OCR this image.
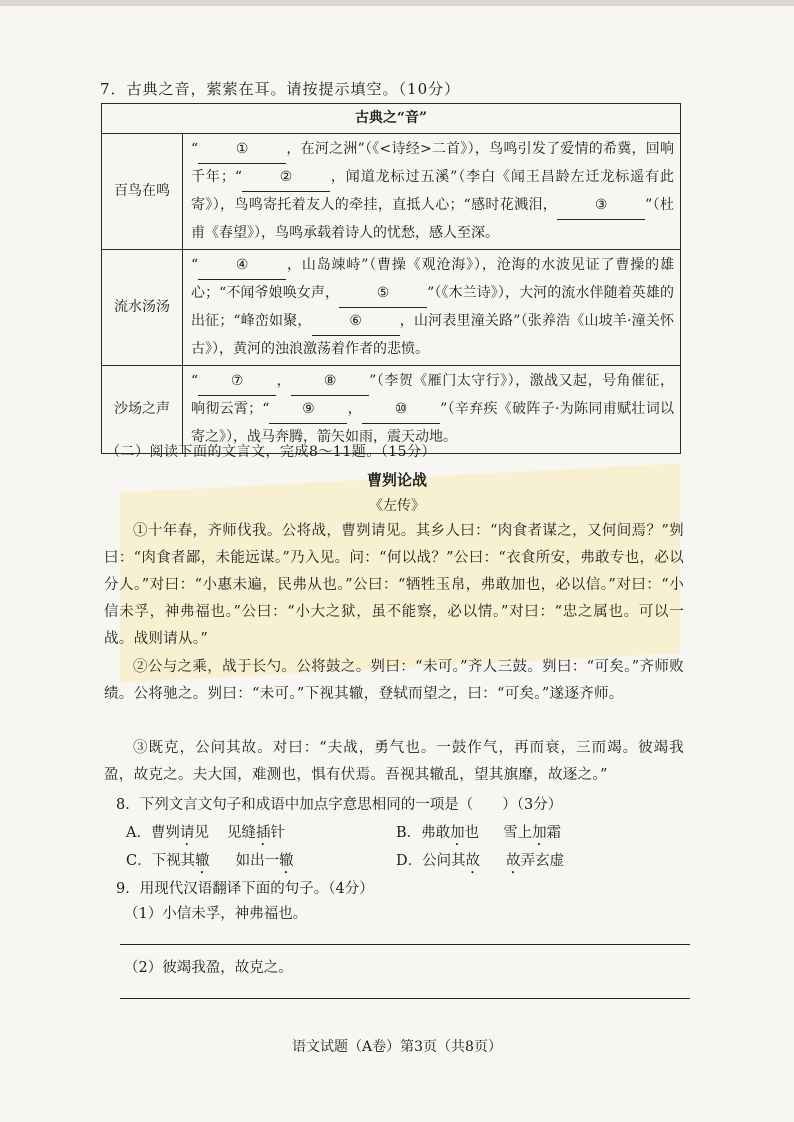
7．古典之音，萦萦在耳。请按提示填空。（10分）
古典之“音”	
百鸟在鸣	“ ① ，在河之洲”（《<诗经>二首》），鸟鸣引发了爱情的希冀，回响千年；“ ② ，闻道龙标过五溪”（李白《闻王昌龄左迁龙标遥有此寄》），鸟鸣寄托着友人的牵挂，直抵人心；“感时花溅泪， ③ ”（杜甫《春望》），鸟鸣承载着诗人的忧愁，感人至深。
流水汤汤	“ ④ ，山岛竦峙”（曹操《观沧海》），沧海的水波见证了曹操的雄心；“不闻爷娘唤女声， ⑤ ”（《木兰诗》），大河的流水伴随着英雄的出征；“峰峦如聚， ⑥ ，山河表里潼关路”（张养浩《山坡羊·潼关怀古》），黄河的浊浪激荡着作者的悲愤。
沙场之声	“ ⑦ ， ⑧ ”（李贺《雁门太守行》），激战又起，号角催征，响彻云霄；“ ⑨ ， ⑩ ”（辛弃疾《破阵子·为陈同甫赋壮词以寄之》），战马奔腾，箭矢如雨，震天动地。
（二）阅读下面的文言文，完成8～11题。（15分）
曹刿论战
《左传》
①十年春，齐师伐我。公将战，曹刿请见。其乡人曰：“肉食者谋之，又何间焉？”刿曰：“肉食者鄙，未能远谋。”乃入见。问：“何以战？”公曰：“衣食所安，弗敢专也，必以分人。”对曰：“小惠未遍，民弗从也。”公曰：“牺牲玉帛，弗敢加也，必以信。”对曰：“小信未孚，神弗福也。”公曰：“小大之狱，虽不能察，必以情。”对曰：“忠之属也。可以一战。战则请从。”
②公与之乘，战于长勺。公将鼓之。刿曰：“未可。”齐人三鼓。刿曰：“可矣。”齐师败绩。公将驰之。刿曰：“未可。”下视其辙，登轼而望之，曰：“可矣。”遂逐齐师。
③既克，公问其故。对曰：“夫战，勇气也。一鼓作气，再而衰，三而竭。彼竭我盈，故克之。夫大国，难测也，惧有伏焉。吾视其辙乱，望其旗靡，故逐之。”
8．下列文言文句子和成语中加点字意思相同的一项是（　　）（3分）
A．曹刿请见 见缝插针	B．弗敢加也 雪上加霜
C．下视其辙 如出一辙	D．公问其故 故弄玄虚
9．用现代汉语翻译下面的句子。（4分）
（1）小信未孚，神弗福也。
（2）彼竭我盈，故克之。
语文试题（A卷）第3页（共8页）
